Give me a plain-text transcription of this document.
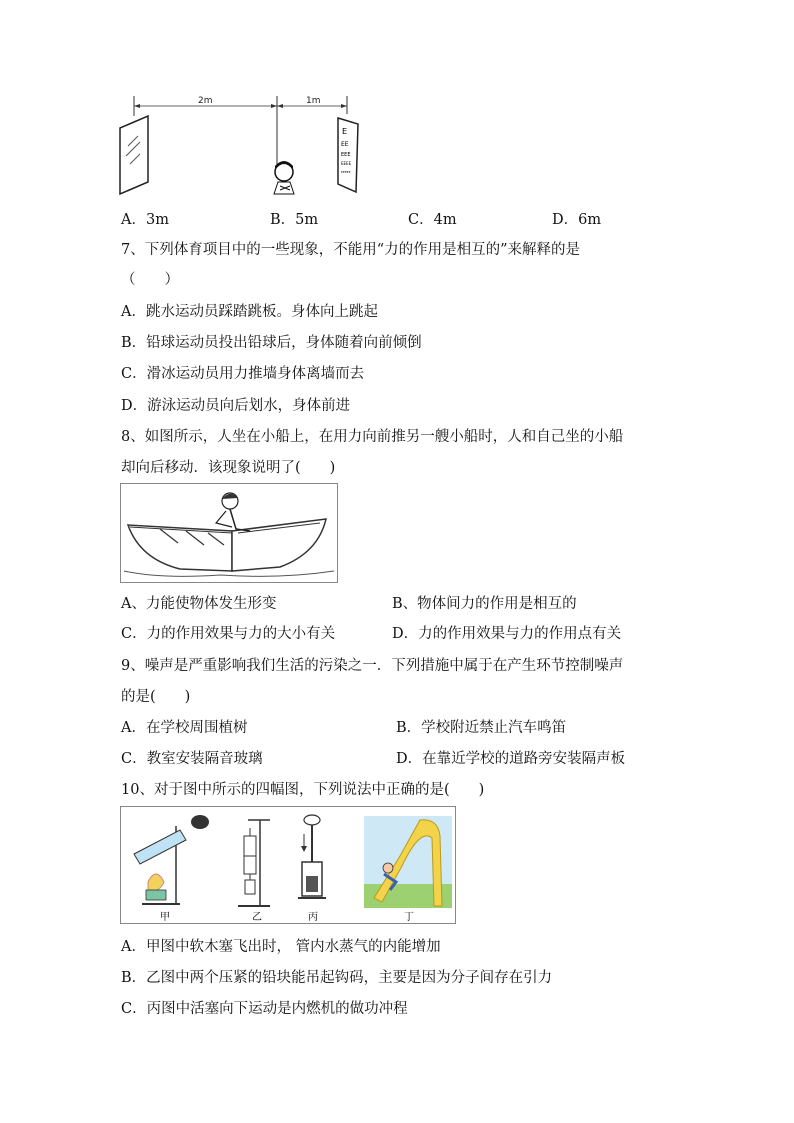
2m	1m
E
EE
EEE
EEEE
EEEEE
A．3m	B．5m	C．4m	D．6m
7、下列体育项目中的一些现象，不能用“力的作用是相互的”来解释的是
（　　）
A．跳水运动员踩踏跳板。身体向上跳起
B．铅球运动员投出铅球后，身体随着向前倾倒
C．滑冰运动员用力推墙身体离墙而去
D．游泳运动员向后划水，身体前进
8、如图所示，人坐在小船上，在用力向前推另一艘小船时，人和自己坐的小船
却向后移动．该现象说明了(　　)
A、力能使物体发生形变	B、物体间力的作用是相互的
C．力的作用效果与力的大小有关	D．力的作用效果与力的作用点有关
9、噪声是严重影响我们生活的污染之一．下列措施中属于在产生环节控制噪声
的是(　　)
A．在学校周围植树	B．学校附近禁止汽车鸣笛
C．教室安装隔音玻璃	D．在靠近学校的道路旁安装隔声板
10、对于图中所示的四幅图，下列说法中正确的是(　　)
甲	乙	丙	丁
A．甲图中软木塞飞出时， 管内水蒸气的内能增加
B．乙图中两个压紧的铅块能吊起钩码，主要是因为分子间存在引力
C．丙图中活塞向下运动是内燃机的做功冲程
